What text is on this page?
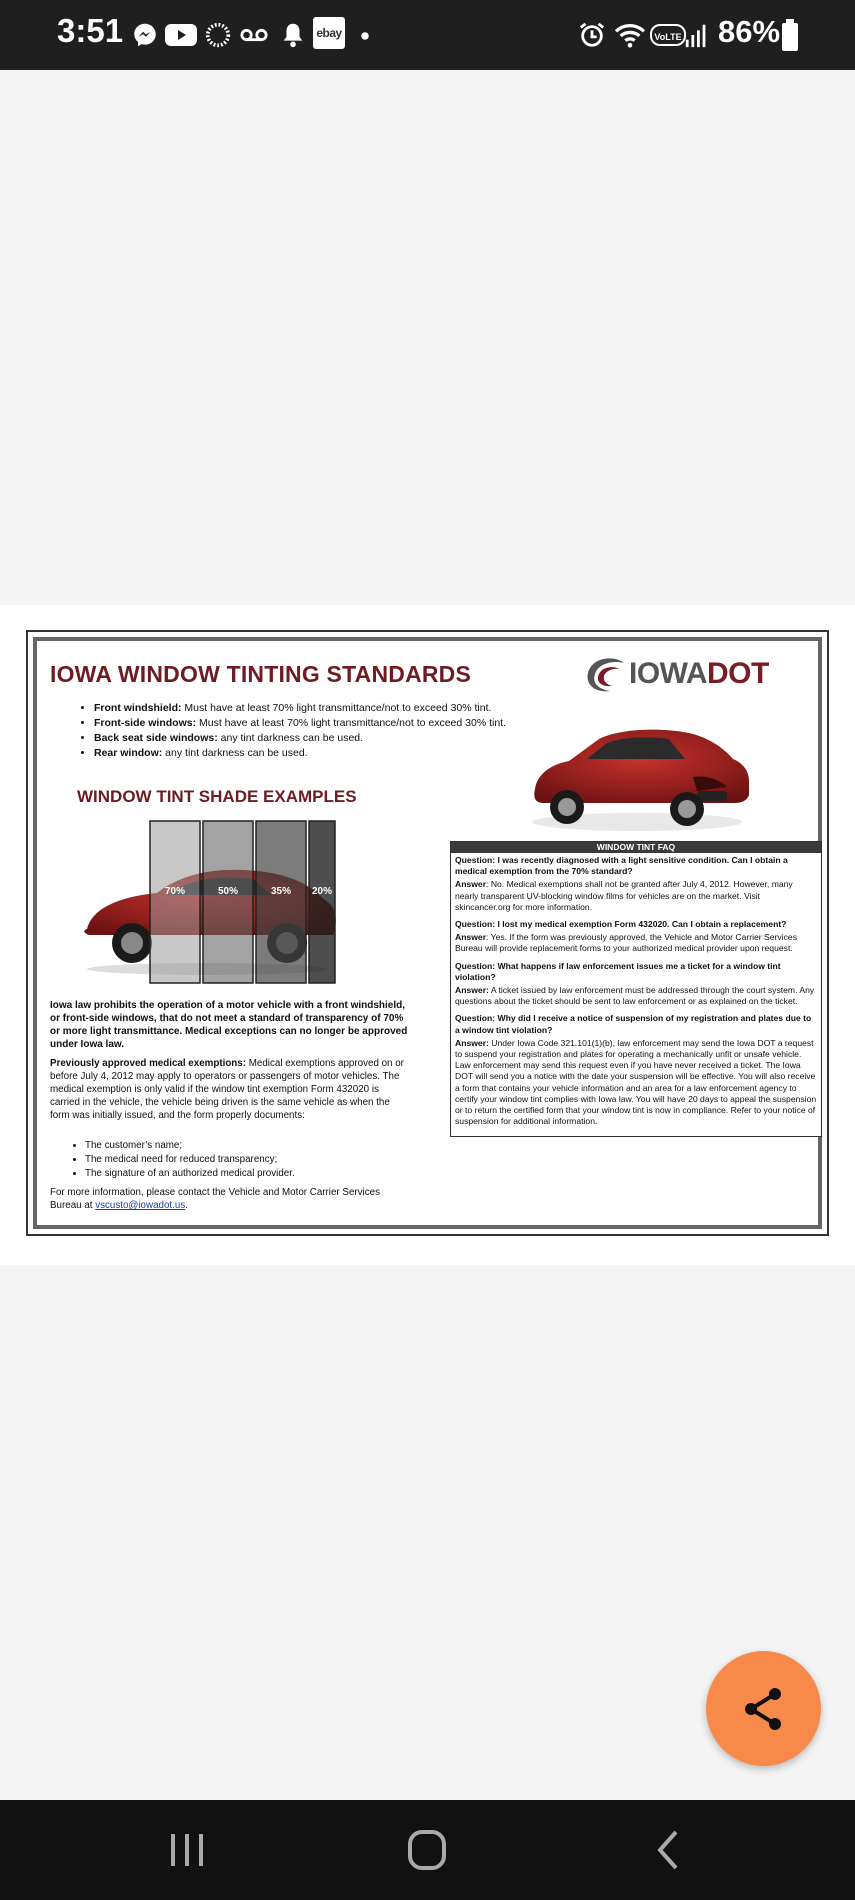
3:51	ebay	VoLTE 86%
IOWA WINDOW TINTING STANDARDS	IOWADOT
• Front windshield: Must have at least 70% light transmittance/not to exceed 30% tint.
• Front-side windows: Must have at least 70% light transmittance/not to exceed 30% tint.
• Back seat side windows: any tint darkness can be used.
• Rear window: any tint darkness can be used.
WINDOW TINT SHADE EXAMPLES
70%	50%	35% 20%
Iowa law prohibits the operation of a motor vehicle with a front windshield, or front-side windows, that do not meet a standard of transparency of 70% or more light transmittance. Medical exceptions can no longer be approved under Iowa law.
Previously approved medical exemptions: Medical exemptions approved on or before July 4, 2012 may apply to operators or passengers of motor vehicles. The medical exemption is only valid if the window tint exemption Form 432020 is carried in the vehicle, the vehicle being driven is the same vehicle as when the form was initially issued, and the form properly documents:
• The customer’s name;
• The medical need for reduced transparency;
• The signature of an authorized medical provider.
For more information, please contact the Vehicle and Motor Carrier Services Bureau at vscusto@iowadot.us.
WINDOW TINT FAQ
Question: I was recently diagnosed with a light sensitive condition. Can I obtain a medical exemption from the 70% standard?
Answer: No. Medical exemptions shall not be granted after July 4, 2012. However, many nearly transparent UV-blocking window films for vehicles are on the market. Visit skincancer.org for more information.
Question: I lost my medical exemption Form 432020. Can I obtain a replacement?
Answer: Yes. If the form was previously approved, the Vehicle and Motor Carrier Services Bureau will provide replacement forms to your authorized medical provider upon request.
Question: What happens if law enforcement issues me a ticket for a window tint violation?
Answer: A ticket issued by law enforcement must be addressed through the court system. Any questions about the ticket should be sent to law enforcement or as explained on the ticket.
Question: Why did I receive a notice of suspension of my registration and plates due to a window tint violation?
Answer: Under Iowa Code 321.101(1)(b), law enforcement may send the Iowa DOT a request to suspend your registration and plates for operating a mechanically unfit or unsafe vehicle. Law enforcement may send this request even if you have never received a ticket. The Iowa DOT will send you a notice with the date your suspension will be effective. You will also receive a form that contains your vehicle information and an area for a law enforcement agency to certify your window tint complies with Iowa law. You will have 20 days to appeal the suspension or to return the certified form that your window tint is now in compliance. Refer to your notice of suspension for additional information.
